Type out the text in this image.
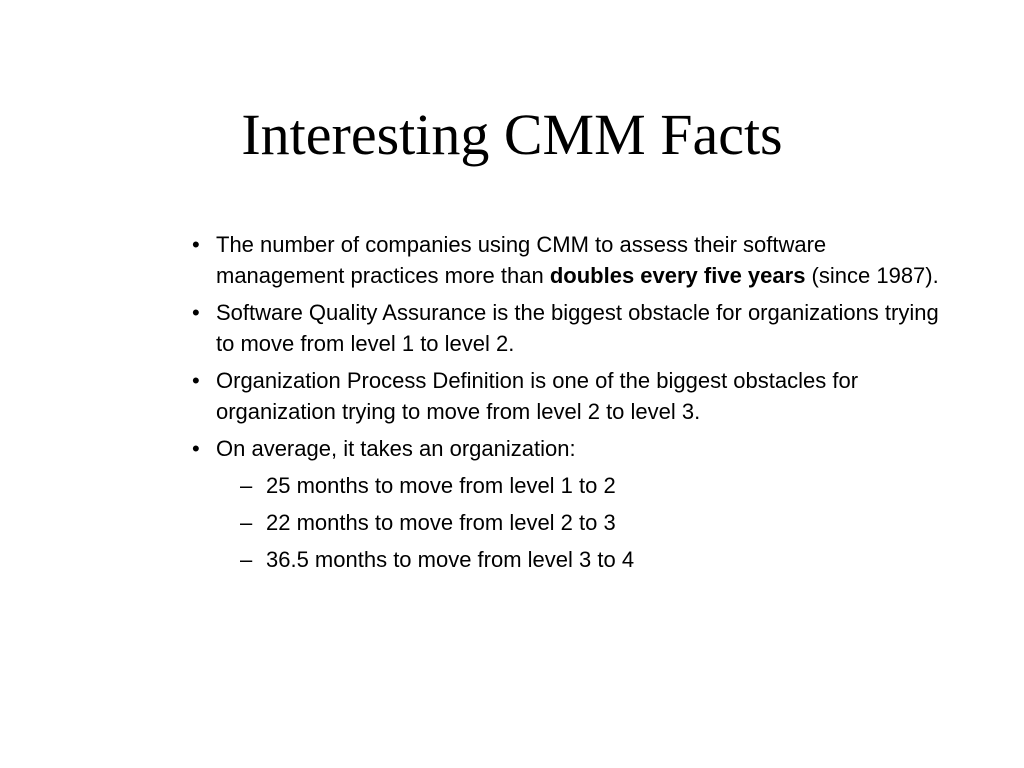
Interesting CMM Facts
• The number of companies using CMM to assess their software management practices more than doubles every five years (since 1987).
• Software Quality Assurance is the biggest obstacle for organizations trying to move from level 1 to level 2.
• Organization Process Definition is one of the biggest obstacles for organization trying to move from level 2 to level 3.
• On average, it takes an organization:
– 25 months to move from level 1 to 2
– 22 months to move from level 2 to 3
– 36.5 months to move from level 3 to 4
